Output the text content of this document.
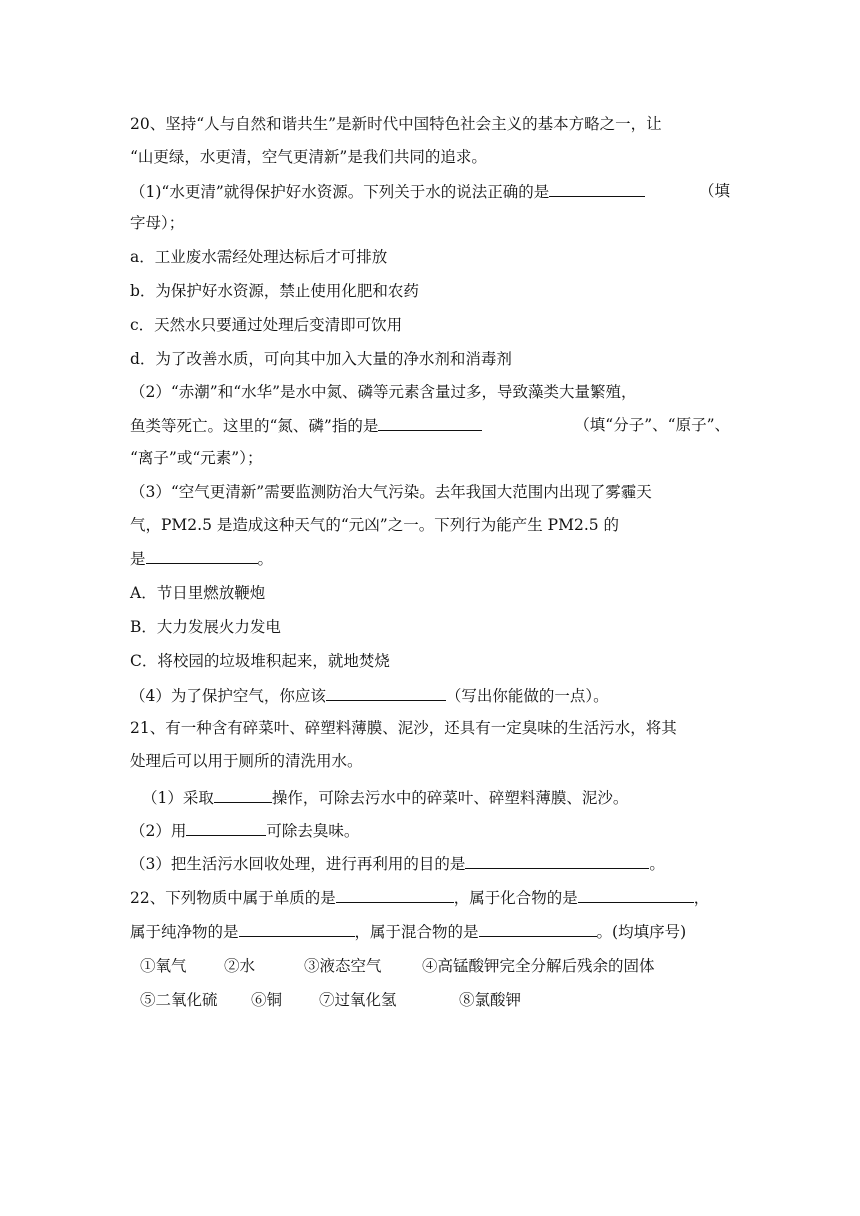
20、坚持“人与自然和谐共生”是新时代中国特色社会主义的基本方略之一，让
“山更绿，水更清，空气更清新”是我们共同的追求。
（1)“水更清”就得保护好水资源。下列关于水的说法正确的是	（填
字母）；
a．工业废水需经处理达标后才可排放
b．为保护好水资源，禁止使用化肥和农药
c．天然水只要通过处理后变清即可饮用
d．为了改善水质，可向其中加入大量的净水剂和消毒剂
（2）“赤潮”和“水华”是水中氮、磷等元素含量过多，导致藻类大量繁殖，
鱼类等死亡。这里的“氮、磷”指的是	（填“分子”、“原子”、
“离子”或“元素”）；
（3）“空气更清新”需要监测防治大气污染。去年我国大范围内出现了雾霾天
气，PM2.5 是造成这种天气的“元凶”之一。下列行为能产生 PM2.5 的
是	。
A．节日里燃放鞭炮
B．大力发展火力发电
C．将校园的垃圾堆积起来，就地焚烧
（4）为了保护空气，你应该	（写出你能做的一点）。
21、有一种含有碎菜叶、碎塑料薄膜、泥沙，还具有一定臭味的生活污水，将其
处理后可以用于厕所的清洗用水。
（1）采取	操作，可除去污水中的碎菜叶、碎塑料薄膜、泥沙。
（2）用	可除去臭味。
（3）把生活污水回收处理，进行再利用的目的是	。
22、下列物质中属于单质的是	，属于化合物的是	，
属于纯净物的是	，属于混合物的是	。(均填序号)
①氧气 ②水	③液态空气	④高锰酸钾完全分解后残余的固体
⑤二氧化硫 ⑥铜 ⑦过氧化氢	⑧氯酸钾
